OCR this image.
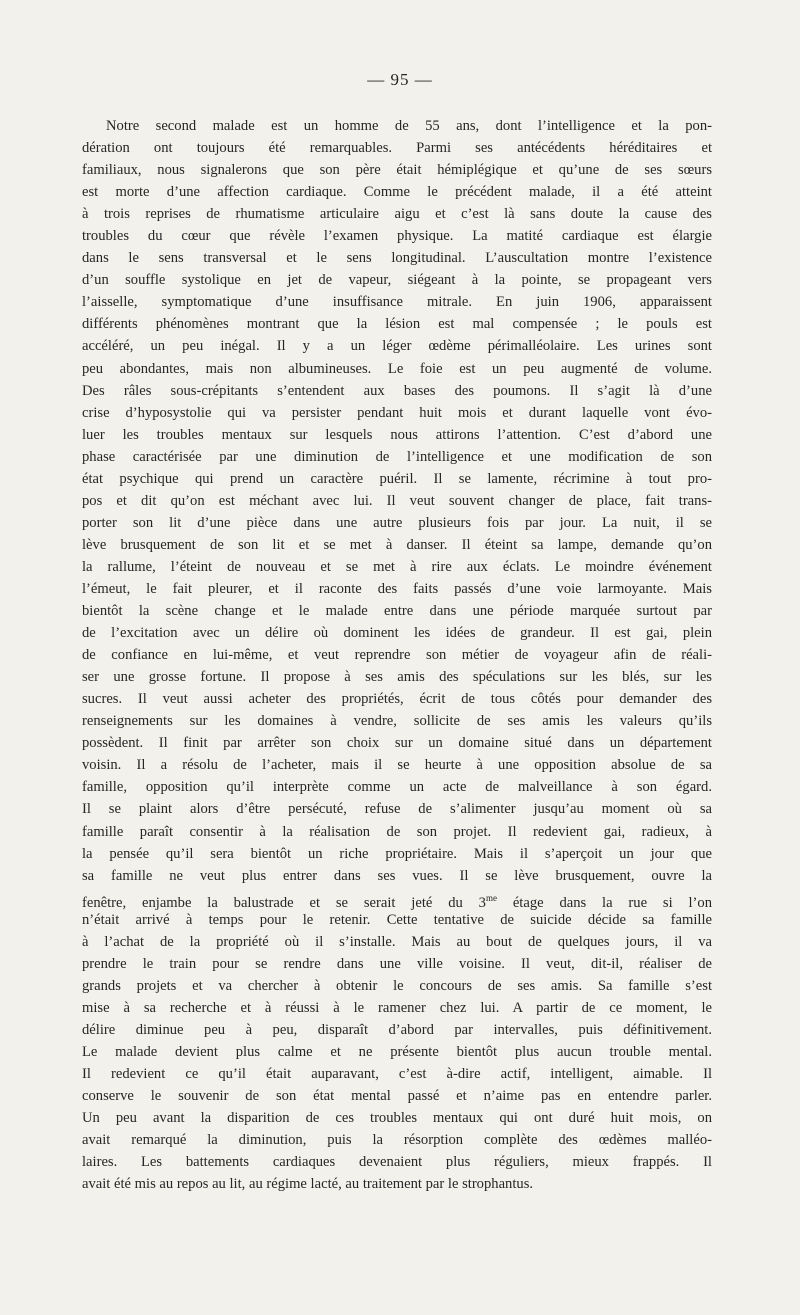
— 95 —
Notre second malade est un homme de 55 ans, dont l’intelligence et la pon-
dération ont toujours été remarquables. Parmi ses antécédents héréditaires et
familiaux, nous signalerons que son père était hémiplégique et qu’une de ses sœurs
est morte d’une affection cardiaque. Comme le précédent malade, il a été atteint
à trois reprises de rhumatisme articulaire aigu et c’est là sans doute la cause des
troubles du cœur que révèle l’examen physique. La matité cardiaque est élargie
dans le sens transversal et le sens longitudinal. L’auscultation montre l’existence
d’un souffle systolique en jet de vapeur, siégeant à la pointe, se propageant vers
l’aisselle, symptomatique d’une insuffisance mitrale. En juin 1906, apparaissent
différents phénomènes montrant que la lésion est mal compensée ; le pouls est
accéléré, un peu inégal. Il y a un léger œdème périmalléolaire. Les urines sont
peu abondantes, mais non albumineuses. Le foie est un peu augmenté de volume.
Des râles sous-crépitants s’entendent aux bases des poumons. Il s’agit là d’une
crise d’hyposystolie qui va persister pendant huit mois et durant laquelle vont évo-
luer les troubles mentaux sur lesquels nous attirons l’attention. C’est d’abord une
phase caractérisée par une diminution de l’intelligence et une modification de son
état psychique qui prend un caractère puéril. Il se lamente, récrimine à tout pro-
pos et dit qu’on est méchant avec lui. Il veut souvent changer de place, fait trans-
porter son lit d’une pièce dans une autre plusieurs fois par jour. La nuit, il se
lève brusquement de son lit et se met à danser. Il éteint sa lampe, demande qu’on
la rallume, l’éteint de nouveau et se met à rire aux éclats. Le moindre événement
l’émeut, le fait pleurer, et il raconte des faits passés d’une voie larmoyante. Mais
bientôt la scène change et le malade entre dans une période marquée surtout par
de l’excitation avec un délire où dominent les idées de grandeur. Il est gai, plein
de confiance en lui-même, et veut reprendre son métier de voyageur afin de réali-
ser une grosse fortune. Il propose à ses amis des spéculations sur les blés, sur les
sucres. Il veut aussi acheter des propriétés, écrit de tous côtés pour demander des
renseignements sur les domaines à vendre, sollicite de ses amis les valeurs qu’ils
possèdent. Il finit par arrêter son choix sur un domaine situé dans un département
voisin. Il a résolu de l’acheter, mais il se heurte à une opposition absolue de sa
famille, opposition qu’il interprète comme un acte de malveillance à son égard.
Il se plaint alors d’être persécuté, refuse de s’alimenter jusqu’au moment où sa
famille paraît consentir à la réalisation de son projet. Il redevient gai, radieux, à
la pensée qu’il sera bientôt un riche propriétaire. Mais il s’aperçoit un jour que
sa famille ne veut plus entrer dans ses vues. Il se lève brusquement, ouvre la
fenêtre, enjambe la balustrade et se serait jeté du $3^{me}$ étage dans la rue si l’on
n’était arrivé à temps pour le retenir. Cette tentative de suicide décide sa famille
à l’achat de la propriété où il s’installe. Mais au bout de quelques jours, il va
prendre le train pour se rendre dans une ville voisine. Il veut, dit-il, réaliser de
grands projets et va chercher à obtenir le concours de ses amis. Sa famille s’est
mise à sa recherche et à réussi à le ramener chez lui. A partir de ce moment, le
délire diminue peu à peu, disparaît d’abord par intervalles, puis définitivement.
Le malade devient plus calme et ne présente bientôt plus aucun trouble mental.
Il redevient ce qu’il était auparavant, c’est à-dire actif, intelligent, aimable. Il
conserve le souvenir de son état mental passé et n’aime pas en entendre parler.
Un peu avant la disparition de ces troubles mentaux qui ont duré huit mois, on
avait remarqué la diminution, puis la résorption complète des œdèmes malléo-
laires. Les battements cardiaques devenaient plus réguliers, mieux frappés. Il
avait été mis au repos au lit, au régime lacté, au traitement par le strophantus.
